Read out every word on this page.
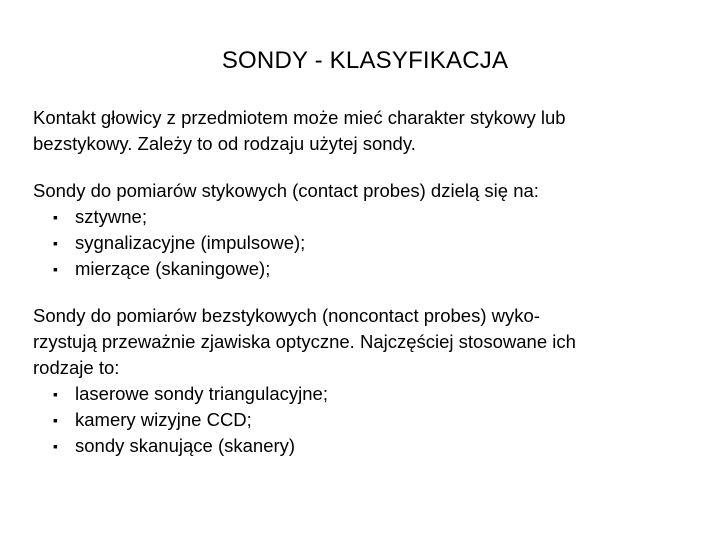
SONDY - KLASYFIKACJA

Kontakt głowicy z przedmiotem może mieć charakter stykowy lub
bezstykowy. Zależy to od rodzaju użytej sondy.

Sondy do pomiarów stykowych (contact probes) dzielą się na:

▪ sztywne;
▪ sygnalizacyjne (impulsowe);
▪ mierzące (skaningowe);

Sondy do pomiarów bezstykowych (noncontact probes) wyko-
rzystują przeważnie zjawiska optyczne. Najczęściej stosowane ich
rodzaje to:

▪ laserowe sondy triangulacyjne;
▪ kamery wizyjne CCD;
▪ sondy skanujące (skanery)
